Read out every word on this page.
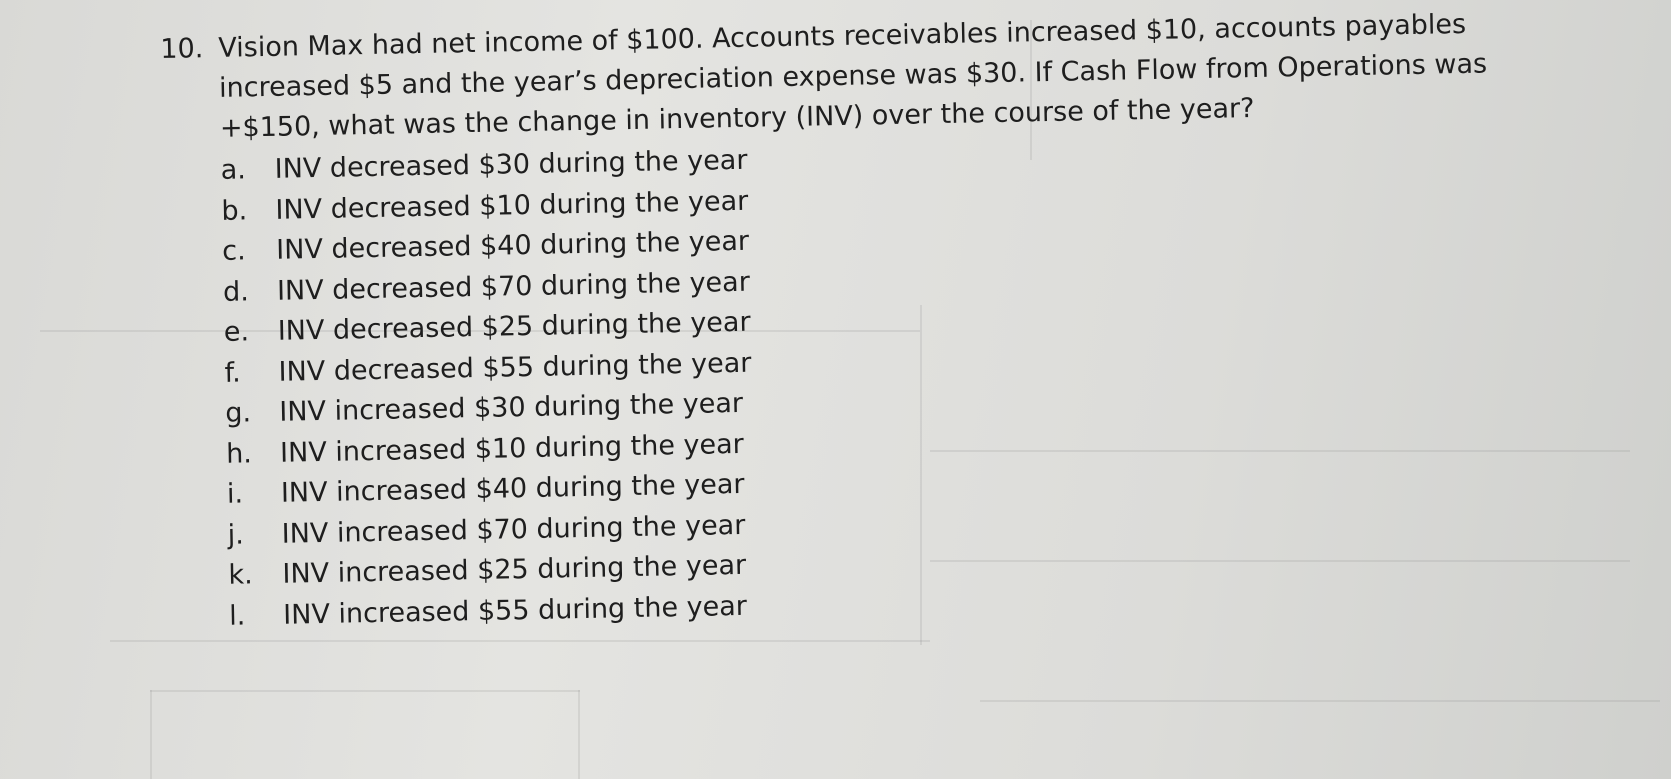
10. Vision Max had net income of $100. Accounts receivables increased $10, accounts payables
increased $5 and the year’s depreciation expense was $30. If Cash Flow from Operations was
+$150, what was the change in inventory (INV) over the course of the year?
a. INV decreased $30 during the year
b. INV decreased $10 during the year
c. INV decreased $40 during the year
d. INV decreased $70 during the year
e. INV decreased $25 during the year
f. INV decreased $55 during the year
g. INV increased $30 during the year
h. INV increased $10 during the year
i. INV increased $40 during the year
j. INV increased $70 during the year
k. INV increased $25 during the year
l. INV increased $55 during the year
